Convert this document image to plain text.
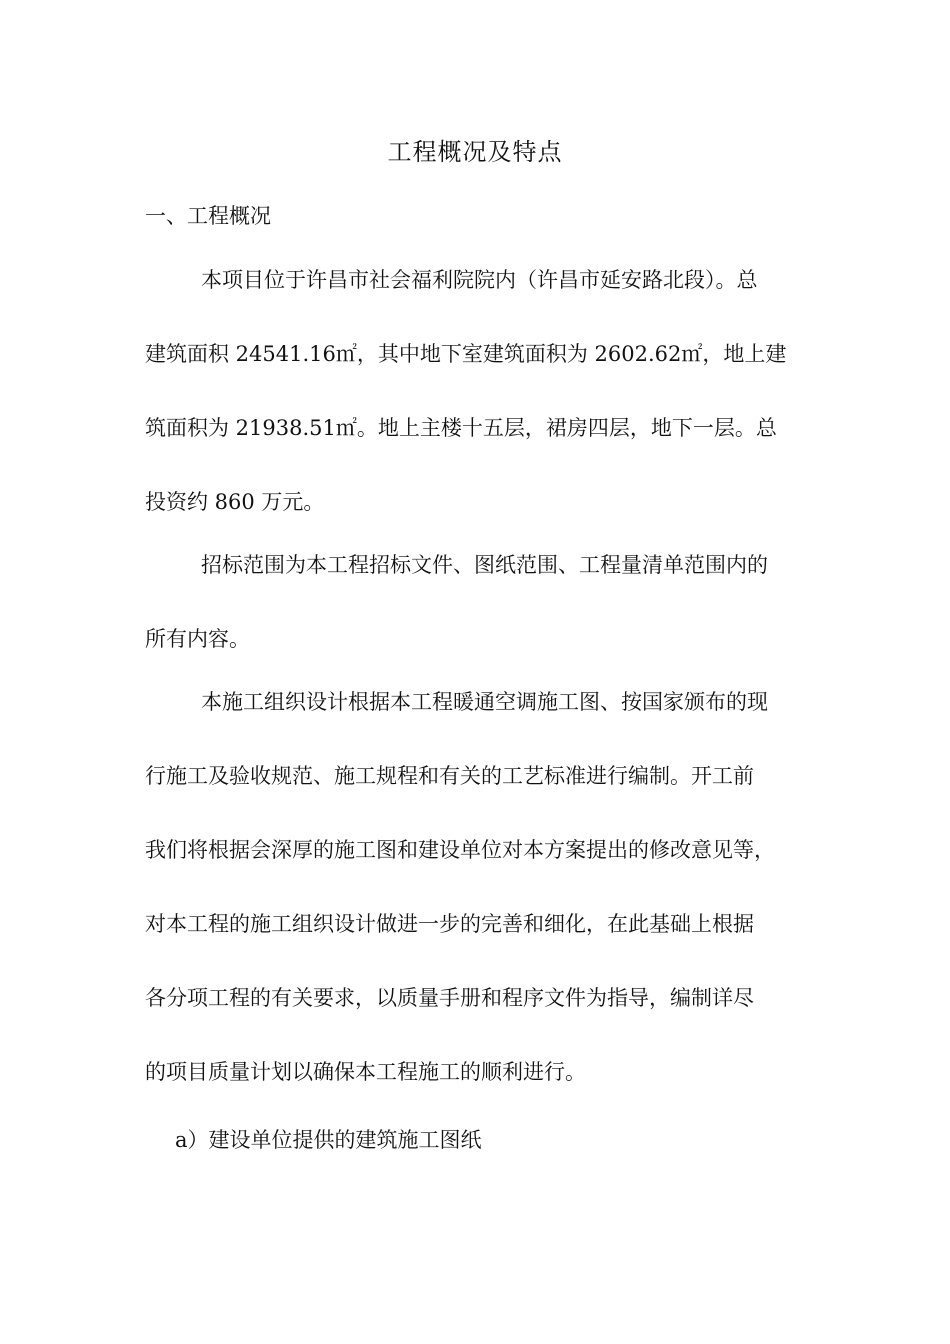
工程概况及特点
一、工程概况
本项目位于许昌市社会福利院院内（许昌市延安路北段）。总
建筑面积 24541.16㎡，其中地下室建筑面积为 2602.62㎡，地上建
筑面积为 21938.51㎡。地上主楼十五层，裙房四层，地下一层。总
投资约 860 万元。
招标范围为本工程招标文件、图纸范围、工程量清单范围内的
所有内容。
本施工组织设计根据本工程暖通空调施工图、按国家颁布的现
行施工及验收规范、施工规程和有关的工艺标准进行编制。开工前
我们将根据会深厚的施工图和建设单位对本方案提出的修改意见等，
对本工程的施工组织设计做进一步的完善和细化，在此基础上根据
各分项工程的有关要求，以质量手册和程序文件为指导，编制详尽
的项目质量计划以确保本工程施工的顺利进行。
a）建设单位提供的建筑施工图纸
